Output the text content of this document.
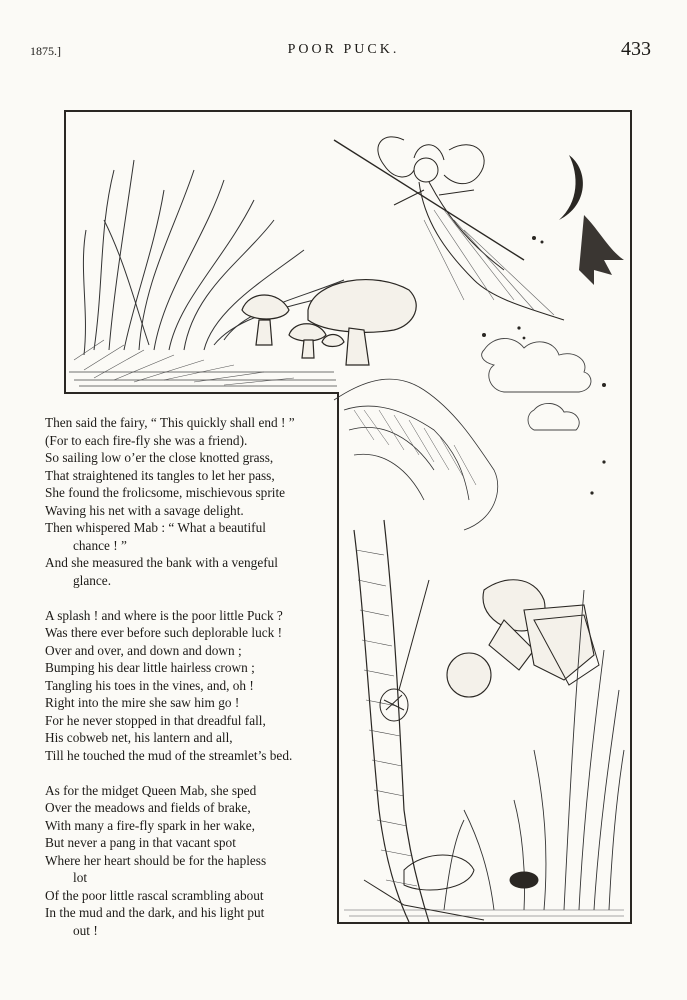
1875.]	POOR PUCK.	433
Then said the fairy, “ This quickly shall end ! ”
(For to each fire-fly she was a friend).
So sailing low o’er the close knotted grass,
That straightened its tangles to let her pass,
She found the frolicsome, mischievous sprite
Waving his net with a savage delight.
Then whispered Mab : “ What a beautiful
chance ! ”
And she measured the bank with a vengeful
glance.
A splash ! and where is the poor little Puck ?
Was there ever before such deplorable luck !
Over and over, and down and down ;
Bumping his dear little hairless crown ;
Tangling his toes in the vines, and, oh !
Right into the mire she saw him go !
For he never stopped in that dreadful fall,
His cobweb net, his lantern and all,
Till he touched the mud of the streamlet’s bed.
As for the midget Queen Mab, she sped
Over the meadows and fields of brake,
With many a fire-fly spark in her wake,
But never a pang in that vacant spot
Where her heart should be for the hapless
lot
Of the poor little rascal scrambling about
In the mud and the dark, and his light put
out !
